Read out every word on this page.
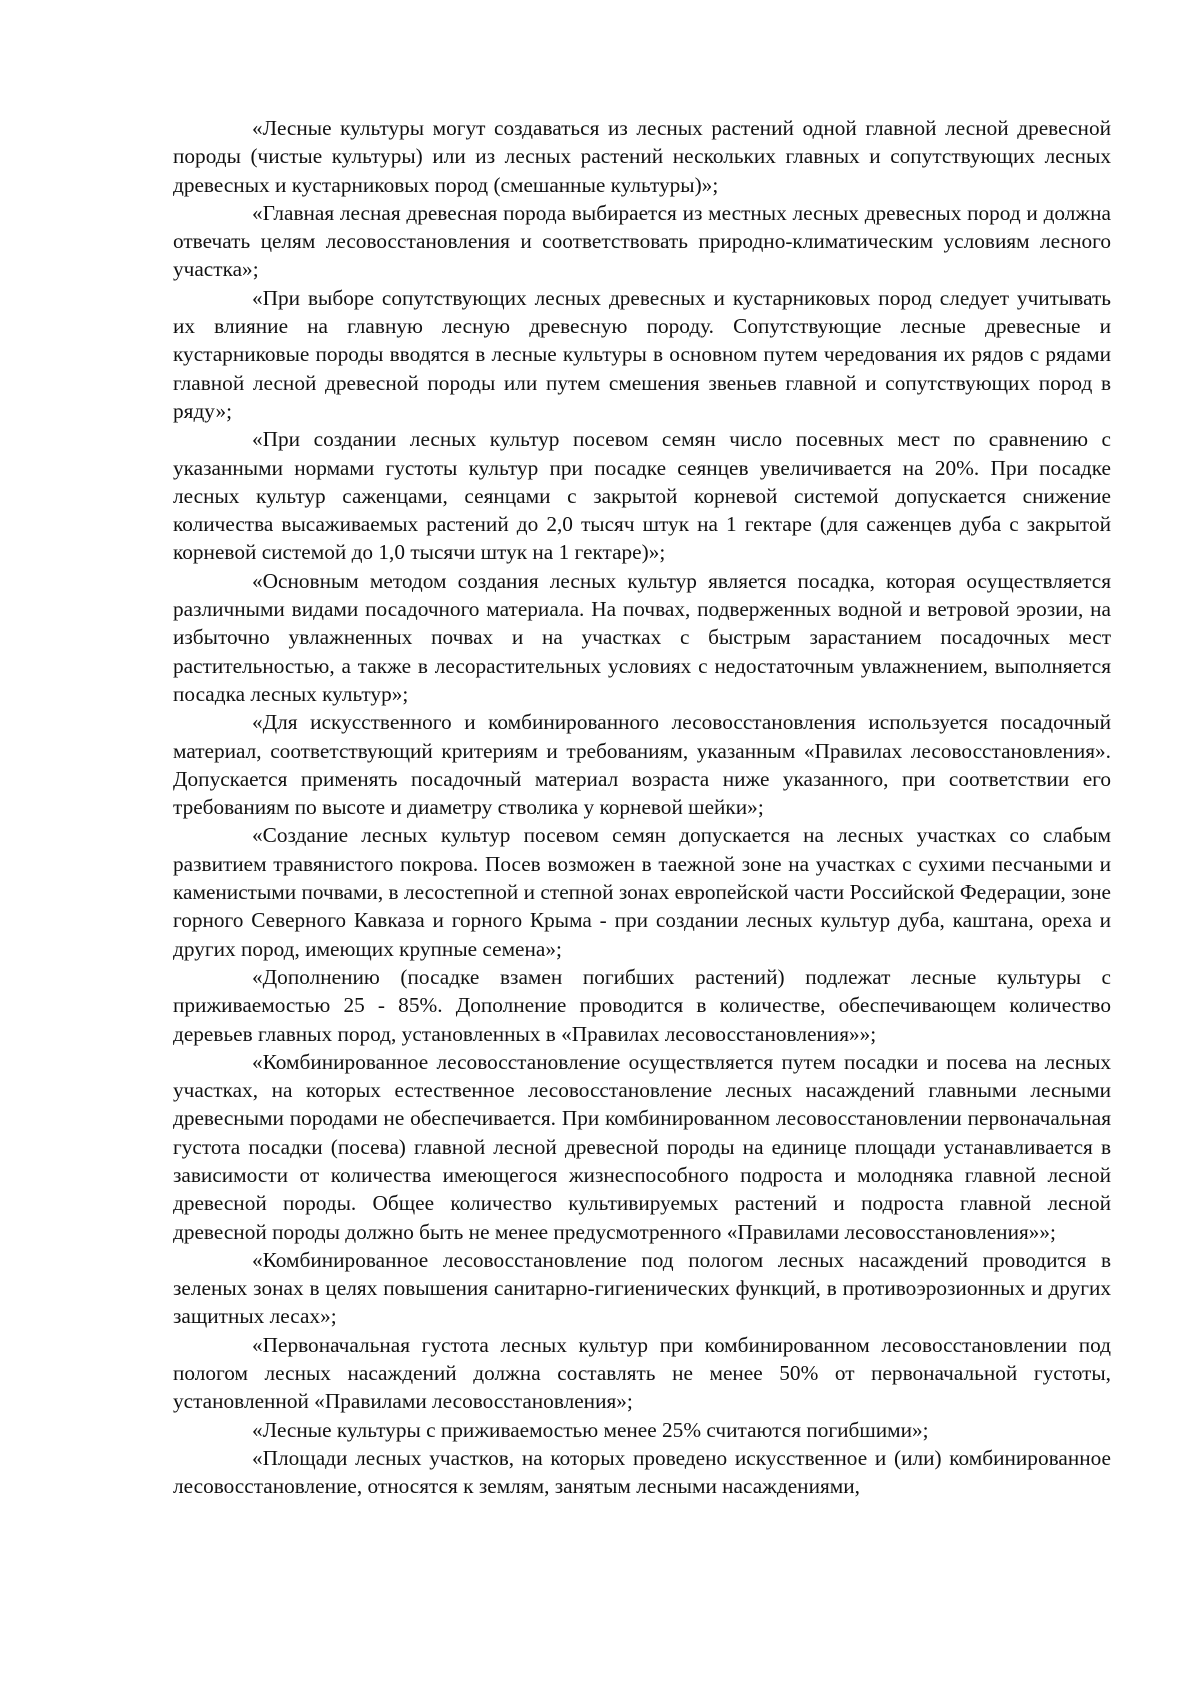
«Лесные культуры могут создаваться из лесных растений одной главной лесной древесной породы (чистые культуры) или из лесных растений нескольких главных и сопутствующих лесных древесных и кустарниковых пород (смешанные культуры)»;

«Главная лесная древесная порода выбирается из местных лесных древесных пород и должна отвечать целям лесовосстановления и соответствовать природно-климатическим условиям лесного участка»;

«При выборе сопутствующих лесных древесных и кустарниковых пород следует учитывать их влияние на главную лесную древесную породу. Сопутствующие лесные древесные и кустарниковые породы вводятся в лесные культуры в основном путем чередования их рядов с рядами главной лесной древесной породы или путем смешения звеньев главной и сопутствующих пород в ряду»;

«При создании лесных культур посевом семян число посевных мест по сравнению с указанными нормами густоты культур при посадке сеянцев увеличивается на 20%. При посадке лесных культур саженцами, сеянцами с закрытой корневой системой допускается снижение количества высаживаемых растений до 2,0 тысяч штук на 1 гектаре (для саженцев дуба с закрытой корневой системой до 1,0 тысячи штук на 1 гектаре)»;

«Основным методом создания лесных культур является посадка, которая осуществляется различными видами посадочного материала. На почвах, подверженных водной и ветровой эрозии, на избыточно увлажненных почвах и на участках с быстрым зарастанием посадочных мест растительностью, а также в лесорастительных условиях с недостаточным увлажнением, выполняется посадка лесных культур»;

«Для искусственного и комбинированного лесовосстановления используется посадочный материал, соответствующий критериям и требованиям, указанным «Правилах лесовосстановления». Допускается применять посадочный материал возраста ниже указанного, при соответствии его требованиям по высоте и диаметру стволика у корневой шейки»;

«Создание лесных культур посевом семян допускается на лесных участках со слабым развитием травянистого покрова. Посев возможен в таежной зоне на участках с сухими песчаными и каменистыми почвами, в лесостепной и степной зонах европейской части Российской Федерации, зоне горного Северного Кавказа и горного Крыма - при создании лесных культур дуба, каштана, ореха и других пород, имеющих крупные семена»;

«Дополнению (посадке взамен погибших растений) подлежат лесные культуры с приживаемостью 25 - 85%. Дополнение проводится в количестве, обеспечивающем количество деревьев главных пород, установленных в «Правилах лесовосстановления»»;

«Комбинированное лесовосстановление осуществляется путем посадки и посева на лесных участках, на которых естественное лесовосстановление лесных насаждений главными лесными древесными породами не обеспечивается. При комбинированном лесовосстановлении первоначальная густота посадки (посева) главной лесной древесной породы на единице площади устанавливается в зависимости от количества имеющегося жизнеспособного подроста и молодняка главной лесной древесной породы. Общее количество культивируемых растений и подроста главной лесной древесной породы должно быть не менее предусмотренного «Правилами лесовосстановления»»;

«Комбинированное лесовосстановление под пологом лесных насаждений проводится в зеленых зонах в целях повышения санитарно-гигиенических функций, в противоэрозионных и других защитных лесах»;

«Первоначальная густота лесных культур при комбинированном лесовосстановлении под пологом лесных насаждений должна составлять не менее 50% от первоначальной густоты, установленной «Правилами лесовосстановления»;

«Лесные культуры с приживаемостью менее 25% считаются погибшими»;

«Площади лесных участков, на которых проведено искусственное и (или) комбинированное лесовосстановление, относятся к землям, занятым лесными насаждениями,
